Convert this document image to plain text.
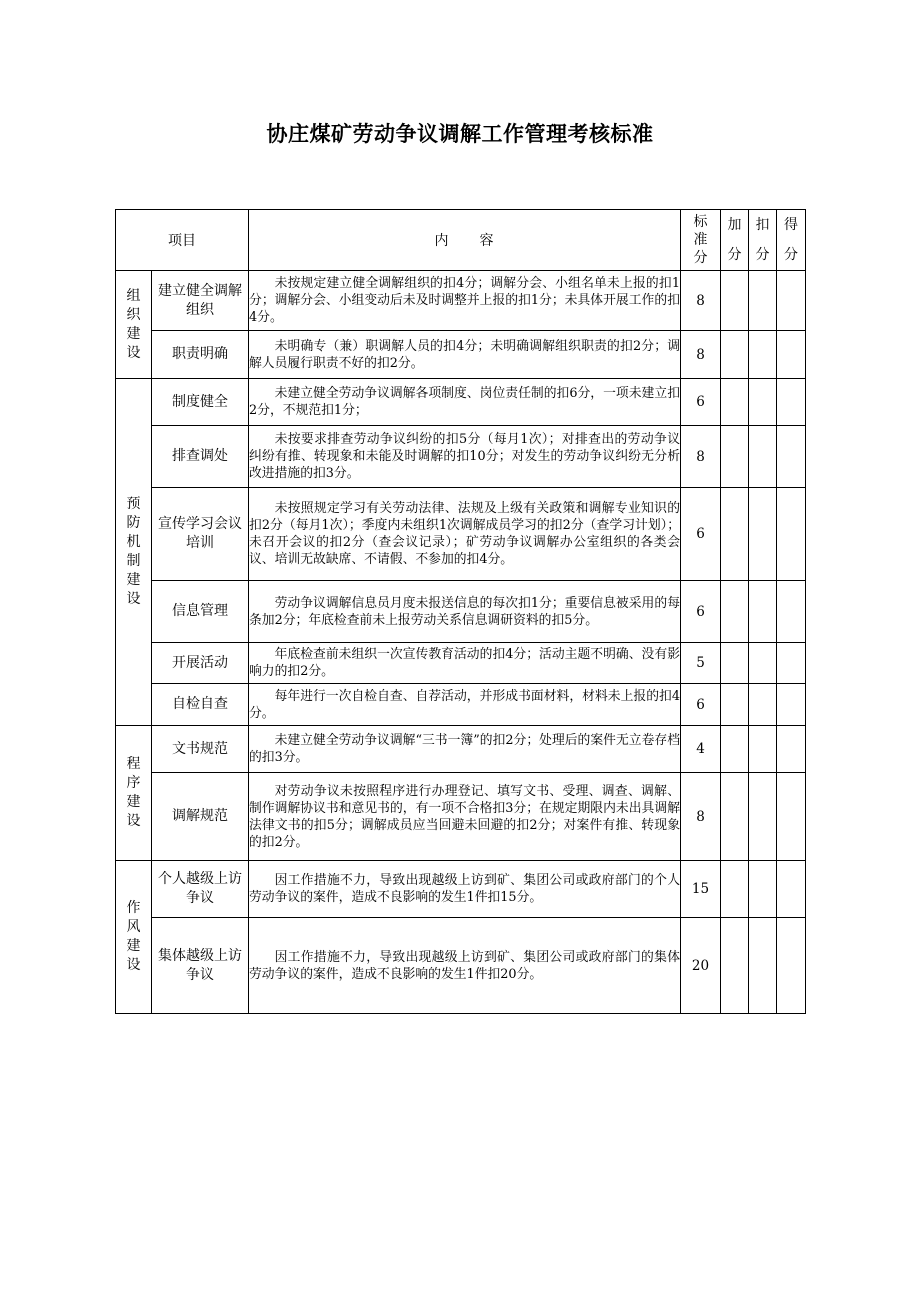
协庄煤矿劳动争议调解工作管理考核标准
项目		内　　容	标准分	加分	扣分	得分

组织建设	建立健全调解组织	未按规定建立健全调解组织的扣4分；调解分会、小组名单未上报的扣1分；调解分会、小组变动后未及时调整并上报的扣1分；未具体开展工作的扣4分。	8			
	职责明确	未明确专（兼）职调解人员的扣4分；未明确调解组织职责的扣2分；调解人员履行职责不好的扣2分。	8			

预防机制建设	制度健全	未建立健全劳动争议调解各项制度、岗位责任制的扣6分，一项未建立扣2分，不规范扣1分；	6			
	排查调处	未按要求排查劳动争议纠纷的扣5分（每月1次）；对排查出的劳动争议纠纷有推、转现象和未能及时调解的扣10分；对发生的劳动争议纠纷无分析改进措施的扣3分。	8			
	宣传学习会议培训	未按照规定学习有关劳动法律、法规及上级有关政策和调解专业知识的扣2分（每月1次）；季度内未组织1次调解成员学习的扣2分（查学习计划）；未召开会议的扣2分（查会议记录）；矿劳动争议调解办公室组织的各类会议、培训无故缺席、不请假、不参加的扣4分。	6			
	信息管理	劳动争议调解信息员月度未报送信息的每次扣1分；重要信息被采用的每条加2分；年底检查前未上报劳动关系信息调研资料的扣5分。	6			
	开展活动	年底检查前未组织一次宣传教育活动的扣4分；活动主题不明确、没有影响力的扣2分。	5			
	自检自查	每年进行一次自检自查、自荐活动，并形成书面材料，材料未上报的扣4分。	6			

程序建设	文书规范	未建立健全劳动争议调解“三书一簿”的扣2分；处理后的案件无立卷存档的扣3分。	4			
	调解规范	对劳动争议未按照程序进行办理登记、填写文书、受理、调查、调解、制作调解协议书和意见书的，有一项不合格扣3分；在规定期限内未出具调解法律文书的扣5分；调解成员应当回避未回避的扣2分；对案件有推、转现象的扣2分。	8			

作风建设	个人越级上访争议	因工作措施不力，导致出现越级上访到矿、集团公司或政府部门的个人劳动争议的案件，造成不良影响的发生1件扣15分。	15			
	集体越级上访争议	因工作措施不力，导致出现越级上访到矿、集团公司或政府部门的集体劳动争议的案件，造成不良影响的发生1件扣20分。	20			
